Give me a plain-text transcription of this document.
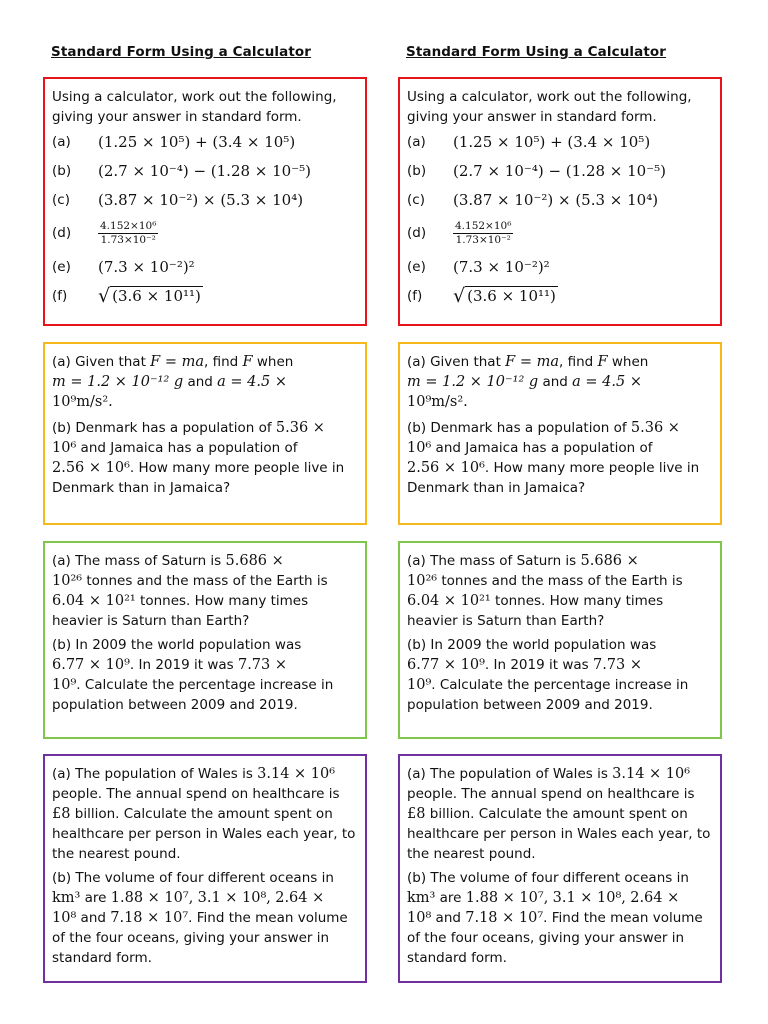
Standard Form Using a Calculator

Using a calculator, work out the following, giving your answer in standard form.

(a)	(1.25 × 10⁵) + (3.4 × 10⁵)
(b)	(2.7 × 10⁻⁴) − (1.28 × 10⁻⁵)
(c)	(3.87 × 10⁻²) × (5.3 × 10⁴)
(d)	$\frac{\text{4.152×10⁶}}{\text{1.73×10⁻²}}$
(e)	(7.3 × 10⁻²)²
(f)	√ (3.6 × 10¹¹)

(a) Given that F = ma, find F when
m = 1.2 × 10⁻¹² g and a = 4.5 ×
10⁹m/s².

(b) Denmark has a population of 5.36 ×
10⁶ and Jamaica has a population of
2.56 × 10⁶. How many more people live in Denmark than in Jamaica?

(a) The mass of Saturn is 5.686 ×
10²⁶ tonnes and the mass of the Earth is
6.04 × 10²¹ tonnes. How many times heavier is Saturn than Earth?

(b) In 2009 the world population was
6.77 × 10⁹. In 2019 it was 7.73 ×
10⁹. Calculate the percentage increase in population between 2009 and 2019.

(a) The population of Wales is 3.14 × 10⁶
people. The annual spend on healthcare is
£8 billion. Calculate the amount spent on healthcare per person in Wales each year, to the nearest pound.

(b) The volume of four different oceans in
km³ are 1.88 × 10⁷, 3.1 × 10⁸, 2.64 ×
10⁸ and 7.18 × 10⁷. Find the mean volume of the four oceans, giving your answer in standard form.

Standard Form Using a Calculator

Using a calculator, work out the following, giving your answer in standard form.

(a)	(1.25 × 10⁵) + (3.4 × 10⁵)
(b)	(2.7 × 10⁻⁴) − (1.28 × 10⁻⁵)
(c)	(3.87 × 10⁻²) × (5.3 × 10⁴)
(d)	$\frac{\text{4.152×10⁶}}{\text{1.73×10⁻²}}$
(e)	(7.3 × 10⁻²)²
(f)	√ (3.6 × 10¹¹)

(a) Given that F = ma, find F when
m = 1.2 × 10⁻¹² g and a = 4.5 ×
10⁹m/s².

(b) Denmark has a population of 5.36 ×
10⁶ and Jamaica has a population of
2.56 × 10⁶. How many more people live in Denmark than in Jamaica?

(a) The mass of Saturn is 5.686 ×
10²⁶ tonnes and the mass of the Earth is
6.04 × 10²¹ tonnes. How many times heavier is Saturn than Earth?

(b) In 2009 the world population was
6.77 × 10⁹. In 2019 it was 7.73 ×
10⁹. Calculate the percentage increase in population between 2009 and 2019.

(a) The population of Wales is 3.14 × 10⁶
people. The annual spend on healthcare is
£8 billion. Calculate the amount spent on healthcare per person in Wales each year, to the nearest pound.

(b) The volume of four different oceans in
km³ are 1.88 × 10⁷, 3.1 × 10⁸, 2.64 ×
10⁸ and 7.18 × 10⁷. Find the mean volume of the four oceans, giving your answer in standard form.
